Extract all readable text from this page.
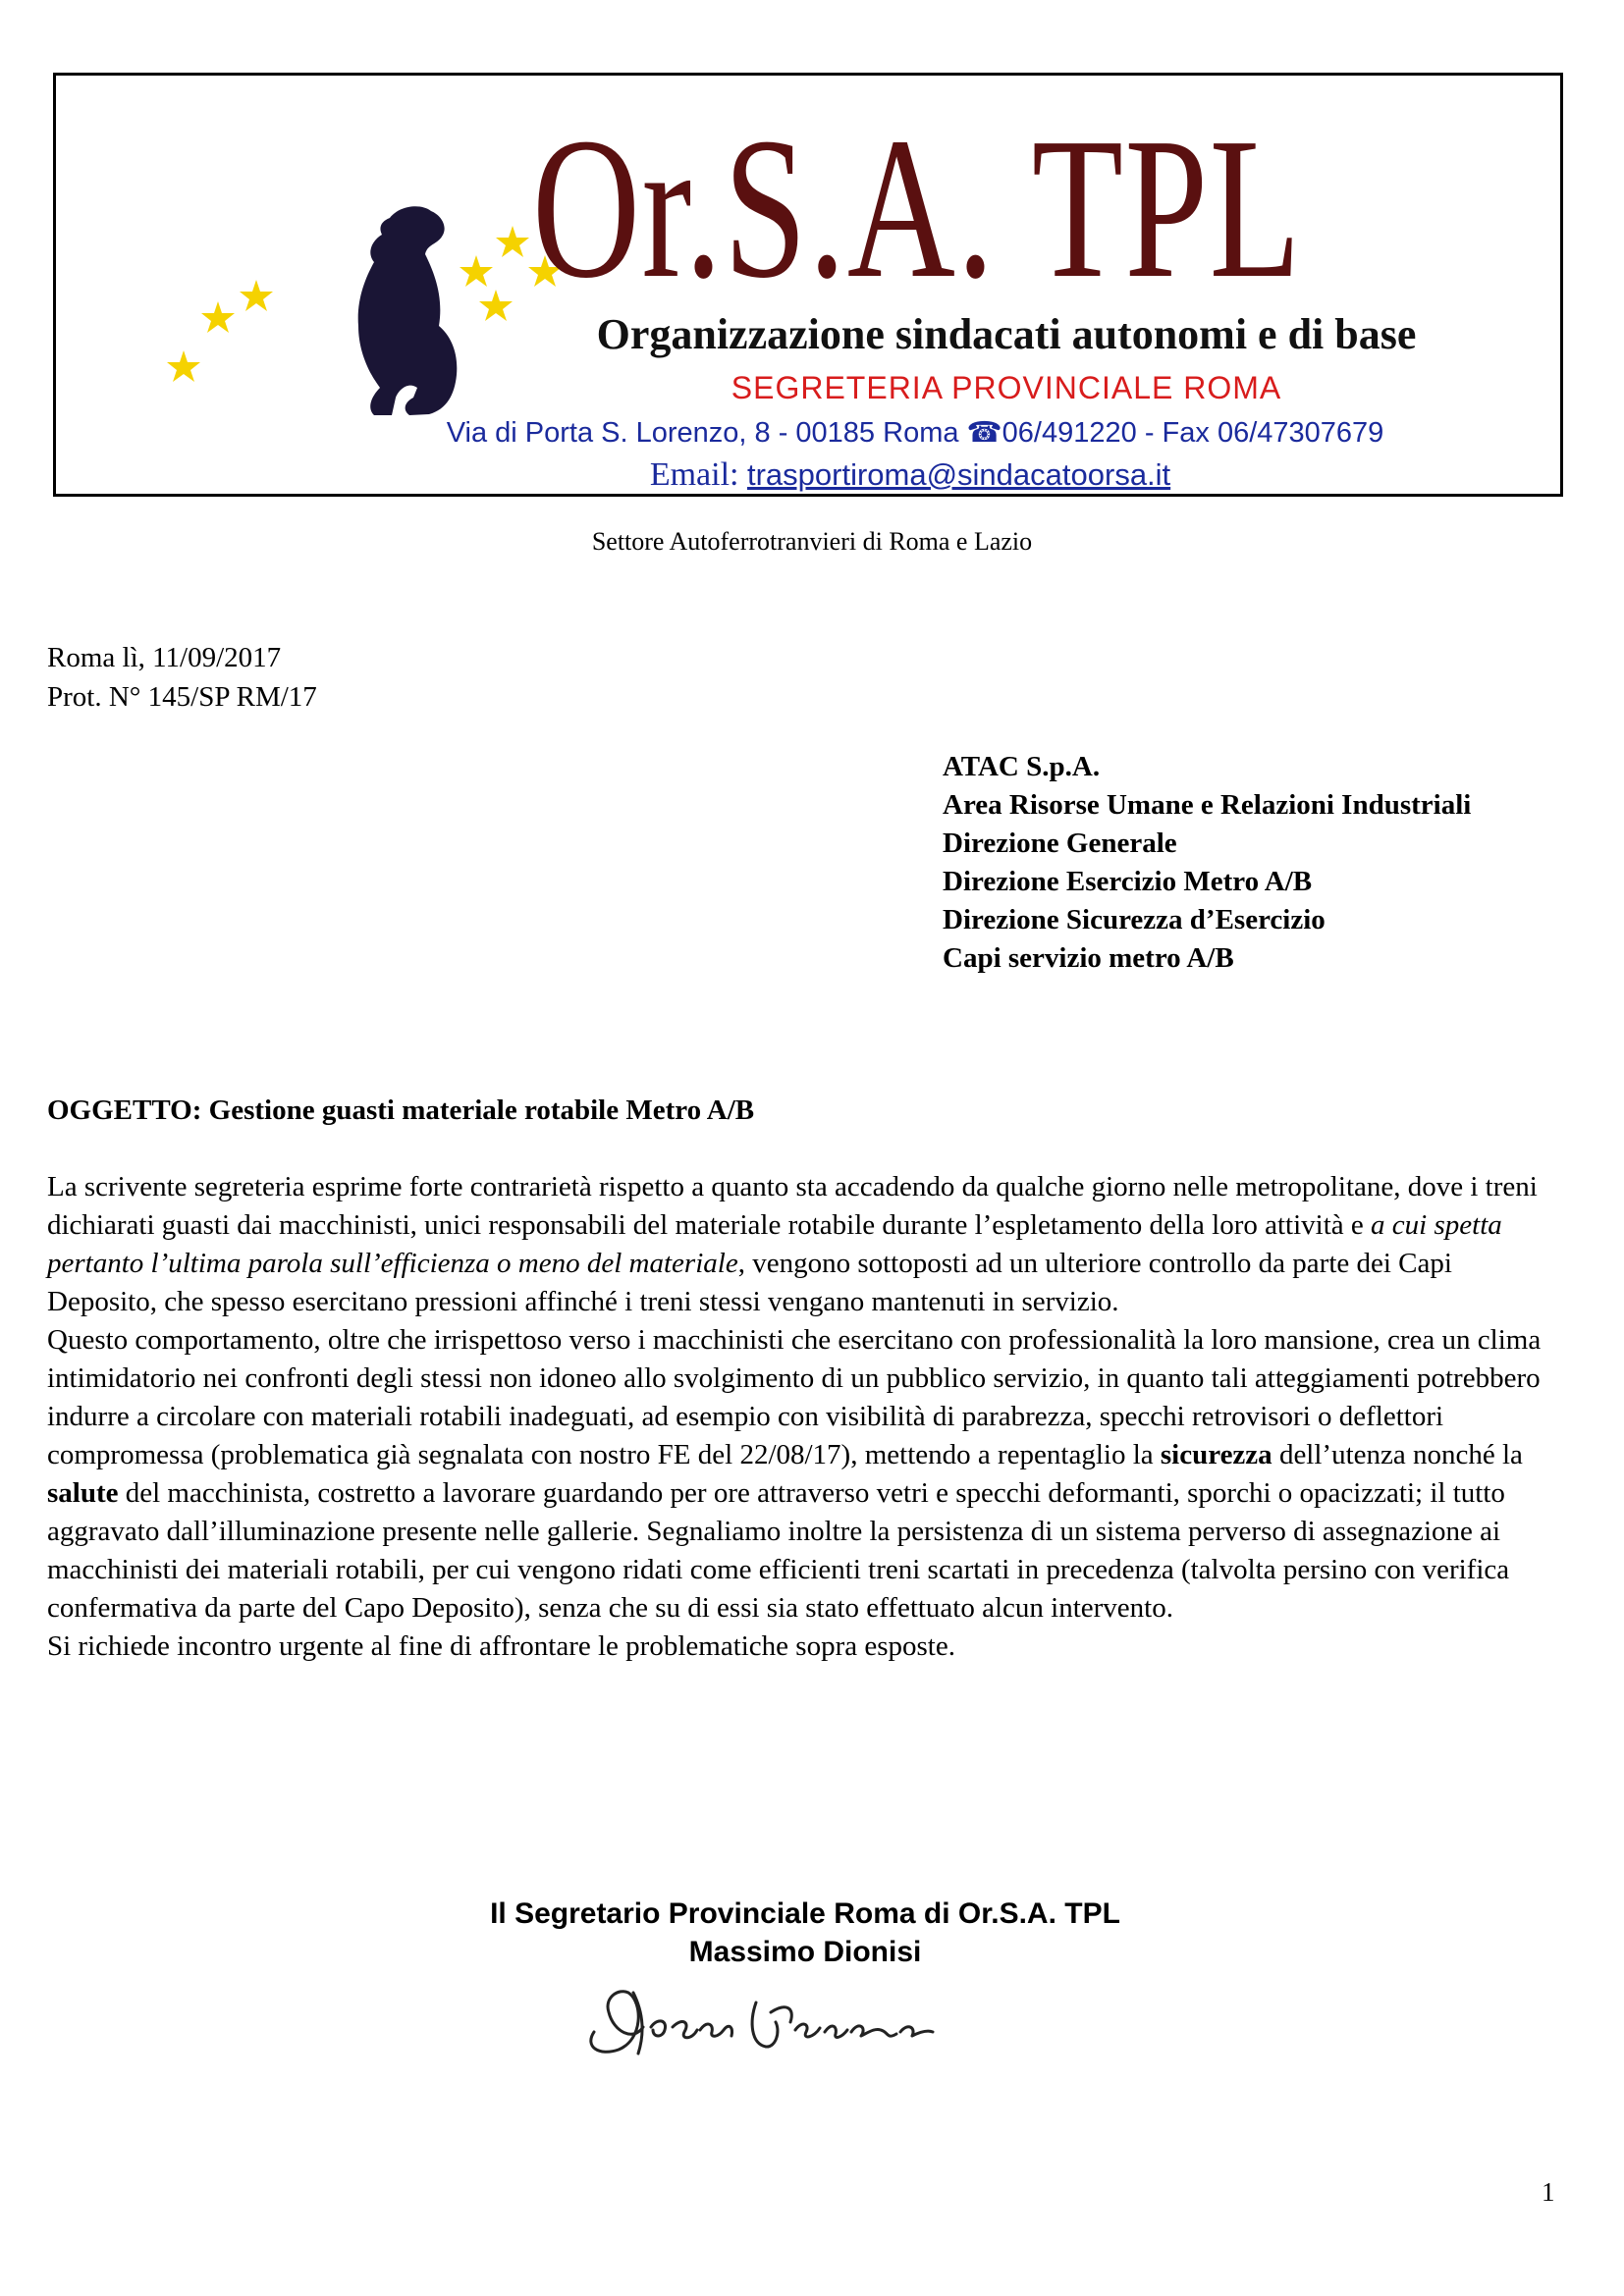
Or.S.A. TPL
Organizzazione sindacati autonomi e di base
SEGRETERIA PROVINCIALE ROMA
Via di Porta S. Lorenzo, 8 - 00185 Roma ☎06/491220 - Fax 06/47307679
Email: trasportiroma@sindacatoorsa.it
Settore Autoferrotranvieri di Roma e Lazio
Roma lì, 11/09/2017
Prot. N° 145/SP RM/17
ATAC S.p.A.
Area Risorse Umane e Relazioni Industriali
Direzione Generale
Direzione Esercizio Metro A/B
Direzione Sicurezza d’Esercizio
Capi servizio metro A/B
OGGETTO: Gestione guasti materiale rotabile Metro A/B

La scrivente segreteria esprime forte contrarietà rispetto a quanto sta accadendo da qualche giorno nelle metropolitane, dove i treni dichiarati guasti dai macchinisti, unici responsabili del materiale rotabile durante l’espletamento della loro attività e a cui spetta pertanto l’ultima parola sull’efficienza o meno del materiale, vengono sottoposti ad un ulteriore controllo da parte dei Capi Deposito, che spesso esercitano pressioni affinché i treni stessi vengano mantenuti in servizio.

Questo comportamento, oltre che irrispettoso verso i macchinisti che esercitano con professionalità la loro mansione, crea un clima intimidatorio nei confronti degli stessi non idoneo allo svolgimento di un pubblico servizio, in quanto tali atteggiamenti potrebbero indurre a circolare con materiali rotabili inadeguati, ad esempio con visibilità di parabrezza, specchi retrovisori o deflettori compromessa (problematica già segnalata con nostro FE del 22/08/17), mettendo a repentaglio la sicurezza dell’utenza nonché la salute del macchinista, costretto a lavorare guardando per ore attraverso vetri e specchi deformanti, sporchi o opacizzati; il tutto aggravato dall’illuminazione presente nelle gallerie. Segnaliamo inoltre la persistenza di un sistema perverso di assegnazione ai macchinisti dei materiali rotabili, per cui vengono ridati come efficienti treni scartati in precedenza (talvolta persino con verifica confermativa da parte del Capo Deposito), senza che su di essi sia stato effettuato alcun intervento.

Si richiede incontro urgente al fine di affrontare le problematiche sopra esposte.

Il Segretario Provinciale Roma di Or.S.A. TPL
Massimo Dionisi
1
